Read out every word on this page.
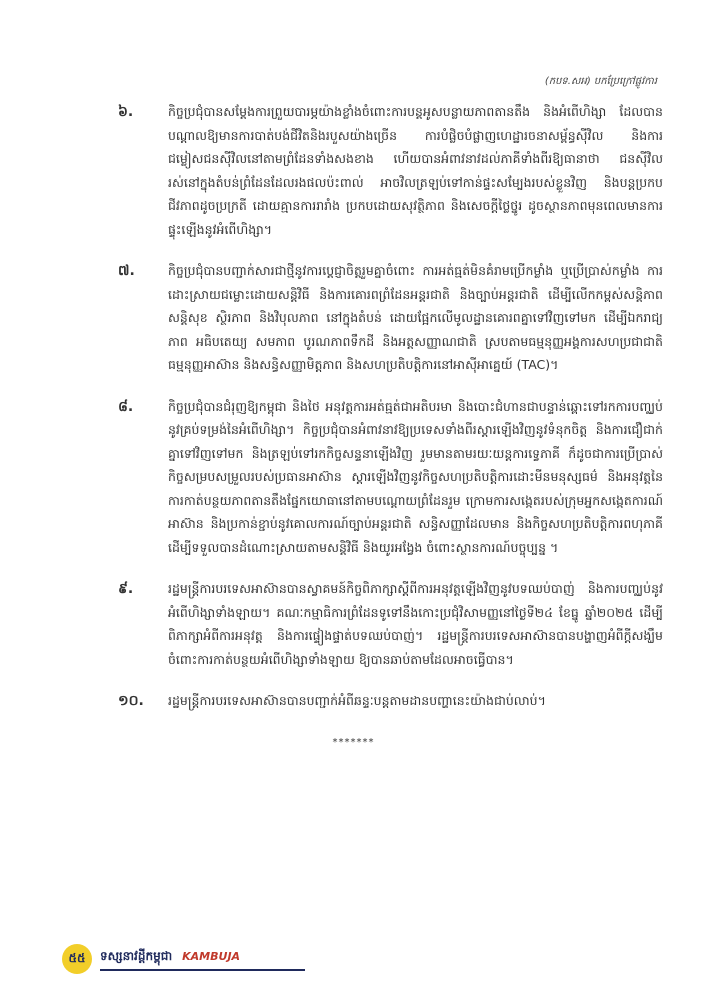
(កបទ.សអ) បកប្រែក្រៅផ្លូវការ
៦.	កិច្ចប្រជុំបានសម្តែងការព្រួយបារម្ភយ៉ាងខ្លាំងចំពោះការបន្តអូសបន្លាយភាពតានតឹង និងអំពើហិង្សា ដែលបានបណ្តាលឱ្យមានការបាត់បង់ជីវិតនិងរបួសយ៉ាងច្រើន ការបំផ្លិចបំផ្លាញហេដ្ឋារចនាសម្ព័ន្ធស៊ីវិល និងការជម្លៀសជនស៊ីវិលនៅតាមព្រំដែនទាំងសងខាង ហើយបានអំពាវនាវដល់ភាគីទាំងពីរឱ្យធានាថា ជនស៊ីវិលរស់នៅក្នុងតំបន់ព្រំដែនដែលរងផលប៉ះពាល់ អាចវិលត្រឡប់ទៅកាន់ផ្ទះសម្បែងរបស់ខ្លួនវិញ និងបន្តប្រកបជីវភាពដូចប្រក្រតី ដោយគ្មានការរារាំង ប្រកបដោយសុវត្ថិភាព និងសេចក្តីថ្លៃថ្នូរ ដូចស្ថានភាពមុនពេលមានការផ្ទុះឡើងនូវអំពើហិង្សា។
៧.	កិច្ចប្រជុំបានបញ្ជាក់សារជាថ្មីនូវការប្តេជ្ញាចិត្តរួមគ្នាចំពោះ ការអត់ធ្មត់មិនគំរាមប្រើកម្លាំង ឬប្រើប្រាស់កម្លាំង ការដោះស្រាយជម្លោះដោយសន្តិវិធី និងការគោរពព្រំដែនអន្តរជាតិ និងច្បាប់អន្តរជាតិ ដើម្បីលើកកម្ពស់សន្តិភាព សន្តិសុខ ស្ថិរភាព និងវិបុលភាព នៅក្នុងតំបន់ ដោយផ្អែកលើមូលដ្ឋានគោរពគ្នាទៅវិញទៅមក ដើម្បីឯករាជ្យភាព អធិបតេយ្យ សមភាព បូរណភាពទឹកដី និងអត្តសញ្ញាណជាតិ ស្របតាមធម្មនុញ្ញអង្គការសហប្រជាជាតិ ធម្មនុញ្ញអាស៊ាន និងសន្ធិសញ្ញាមិត្តភាព និងសហប្រតិបត្តិការនៅអាស៊ីអាគ្នេយ៍ (TAC)។
៨.	កិច្ចប្រជុំបានជំរុញឱ្យកម្ពុជា និងថៃ អនុវត្តការអត់ធ្មត់ជាអតិបរមា និងបោះជំហានជាបន្ទាន់ឆ្ពោះទៅរកការបញ្ឈប់នូវគ្រប់ទម្រង់នៃអំពើហិង្សា។ កិច្ចប្រជុំបានអំពាវនាវឱ្យប្រទេសទាំងពីរស្តារឡើងវិញនូវទំនុកចិត្ត និងការជឿជាក់គ្នាទៅវិញទៅមក និងត្រឡប់ទៅរកកិច្ចសន្ទនាឡើងវិញ រួមមានតាមរយៈយន្តការទ្វេភាគី ក៏ដូចជាការប្រើប្រាស់កិច្ចសម្របសម្រួលរបស់ប្រធានអាស៊ាន ស្តារឡើងវិញនូវកិច្ចសហប្រតិបត្តិការដោះមីនមនុស្សធម៌ និងអនុវត្តនៃការកាត់បន្ថយភាពតានតឹងផ្នែកយោធានៅតាមបណ្តោយព្រំដែនរួម ក្រោមការសង្កេតរបស់ក្រុមអ្នកសង្កេតការណ៍អាស៊ាន និងប្រកាន់ខ្ជាប់នូវគោលការណ៍ច្បាប់អន្តរជាតិ សន្ធិសញ្ញាដែលមាន និងកិច្ចសហប្រតិបត្តិការពហុភាគី ដើម្បីទទួលបានដំណោះស្រាយតាមសន្តិវិធី និងយូរអង្វែង ចំពោះស្ថានការណ៍បច្ចុប្បន្ន ។
៩.	រដ្ឋមន្ត្រីការបរទេសអាស៊ានបានស្វាគមន៍កិច្ចពិភាក្សាស្តីពីការអនុវត្តឡើងវិញនូវបទឈប់បាញ់ និងការបញ្ឈប់នូវអំពើហិង្សាទាំងឡាយ។ គណៈកម្មាធិការព្រំដែនទូទៅនឹងកោះប្រជុំវិសាមញ្ញនៅថ្ងៃទី២៤ ខែធ្នូ ឆ្នាំ២០២៥ ដើម្បីពិភាក្សាអំពីការអនុវត្ត និងការផ្ទៀងផ្ទាត់បទឈប់បាញ់។ រដ្ឋមន្ត្រីការបរទេសអាស៊ានបានបង្ហាញអំពីក្តីសង្ឃឹមចំពោះការកាត់បន្ថយអំពើហិង្សាទាំងឡាយ ឱ្យបានឆាប់តាមដែលអាចធ្វើបាន។
១០.	រដ្ឋមន្ត្រីការបរទេសអាស៊ានបានបញ្ជាក់អំពីឆន្ទៈបន្តតាមដានបញ្ហានេះយ៉ាងជាប់លាប់។
*******
៥៥	ទស្សនាវដ្តីកម្ពុជា KAMBUJA
